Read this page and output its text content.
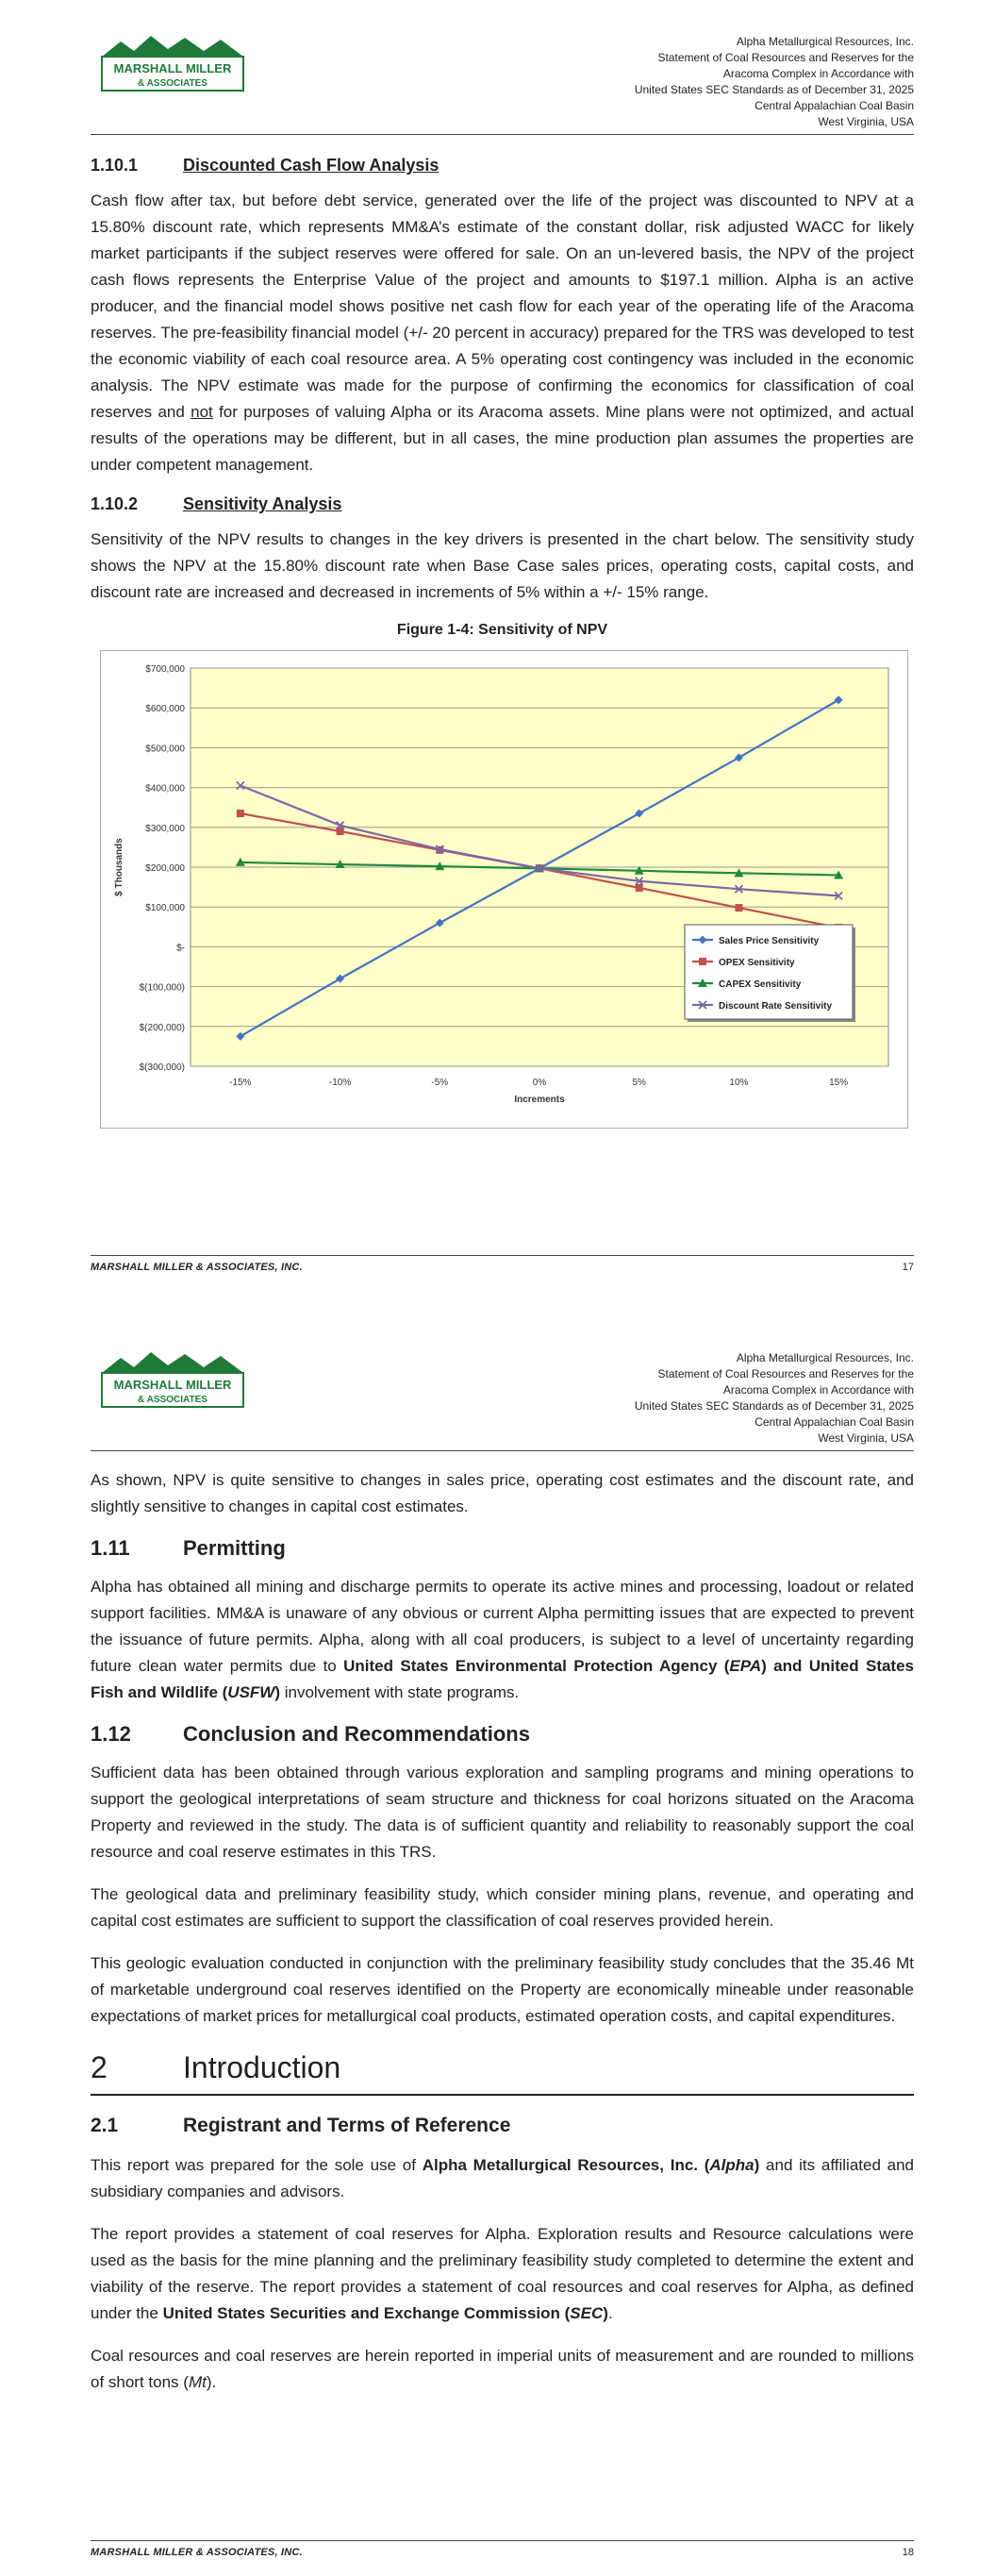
MARSHALL MILLER
& ASSOCIATES
Alpha Metallurgical Resources, Inc.
Statement of Coal Resources and Reserves for the
Aracoma Complex in Accordance with
United States SEC Standards as of December 31, 2025
Central Appalachian Coal Basin
West Virginia, USA
1.10.1	Discounted Cash Flow Analysis

Cash flow after tax, but before debt service, generated over the life of the project was discounted to NPV at a 15.80% discount rate, which represents MM&A’s estimate of the constant dollar, risk adjusted WACC for likely market participants if the subject reserves were offered for sale. On an un-levered basis, the NPV of the project cash flows represents the Enterprise Value of the project and amounts to $197.1 million. Alpha is an active producer, and the financial model shows positive net cash flow for each year of the operating life of the Aracoma reserves. The pre-feasibility financial model (+/- 20 percent in accuracy) prepared for the TRS was developed to test the economic viability of each coal resource area. A 5% operating cost contingency was included in the economic analysis. The NPV estimate was made for the purpose of confirming the economics for classification of coal reserves and not for purposes of valuing Alpha or its Aracoma assets. Mine plans were not optimized, and actual results of the operations may be different, but in all cases, the mine production plan assumes the properties are under competent management.

1.10.2	Sensitivity Analysis

Sensitivity of the NPV results to changes in the key drivers is presented in the chart below. The sensitivity study shows the NPV at the 15.80% discount rate when Base Case sales prices, operating costs, capital costs, and discount rate are increased and decreased in increments of 5% within a +/- 15% range.

Figure 1-4: Sensitivity of NPV
$700,000
$600,000
$500,000
$400,000
$300,000
$200,000
$100,000
$-
$(100,000)
$(200,000)
$(300,000)
-15%	-10%	-5%	0%	5%	10%	15%
Increments
$ Thousands
Sales Price Sensitivity
OPEX Sensitivity
CAPEX Sensitivity
Discount Rate Sensitivity
MARSHALL MILLER & ASSOCIATES, INC.	17
MARSHALL MILLER
& ASSOCIATES
Alpha Metallurgical Resources, Inc.
Statement of Coal Resources and Reserves for the
Aracoma Complex in Accordance with
United States SEC Standards as of December 31, 2025
Central Appalachian Coal Basin
West Virginia, USA

As shown, NPV is quite sensitive to changes in sales price, operating cost estimates and the discount rate, and slightly sensitive to changes in capital cost estimates.

1.11	Permitting

Alpha has obtained all mining and discharge permits to operate its active mines and processing, loadout or related support facilities. MM&A is unaware of any obvious or current Alpha permitting issues that are expected to prevent the issuance of future permits. Alpha, along with all coal producers, is subject to a level of uncertainty regarding future clean water permits due to United States Environmental Protection Agency (EPA) and United States Fish and Wildlife (USFW) involvement with state programs.

1.12	Conclusion and Recommendations

Sufficient data has been obtained through various exploration and sampling programs and mining operations to support the geological interpretations of seam structure and thickness for coal horizons situated on the Aracoma Property and reviewed in the study. The data is of sufficient quantity and reliability to reasonably support the coal resource and coal reserve estimates in this TRS.

The geological data and preliminary feasibility study, which consider mining plans, revenue, and operating and capital cost estimates are sufficient to support the classification of coal reserves provided herein.

This geologic evaluation conducted in conjunction with the preliminary feasibility study concludes that the 35.46 Mt of marketable underground coal reserves identified on the Property are economically mineable under reasonable expectations of market prices for metallurgical coal products, estimated operation costs, and capital expenditures.

2	Introduction
2.1	Registrant and Terms of Reference

This report was prepared for the sole use of Alpha Metallurgical Resources, Inc. (Alpha) and its affiliated and subsidiary companies and advisors.

The report provides a statement of coal reserves for Alpha. Exploration results and Resource calculations were used as the basis for the mine planning and the preliminary feasibility study completed to determine the extent and viability of the reserve. The report provides a statement of coal resources and coal reserves for Alpha, as defined under the United States Securities and Exchange Commission (SEC).

Coal resources and coal reserves are herein reported in imperial units of measurement and are rounded to millions of short tons (Mt).

MARSHALL MILLER & ASSOCIATES, INC.	18
